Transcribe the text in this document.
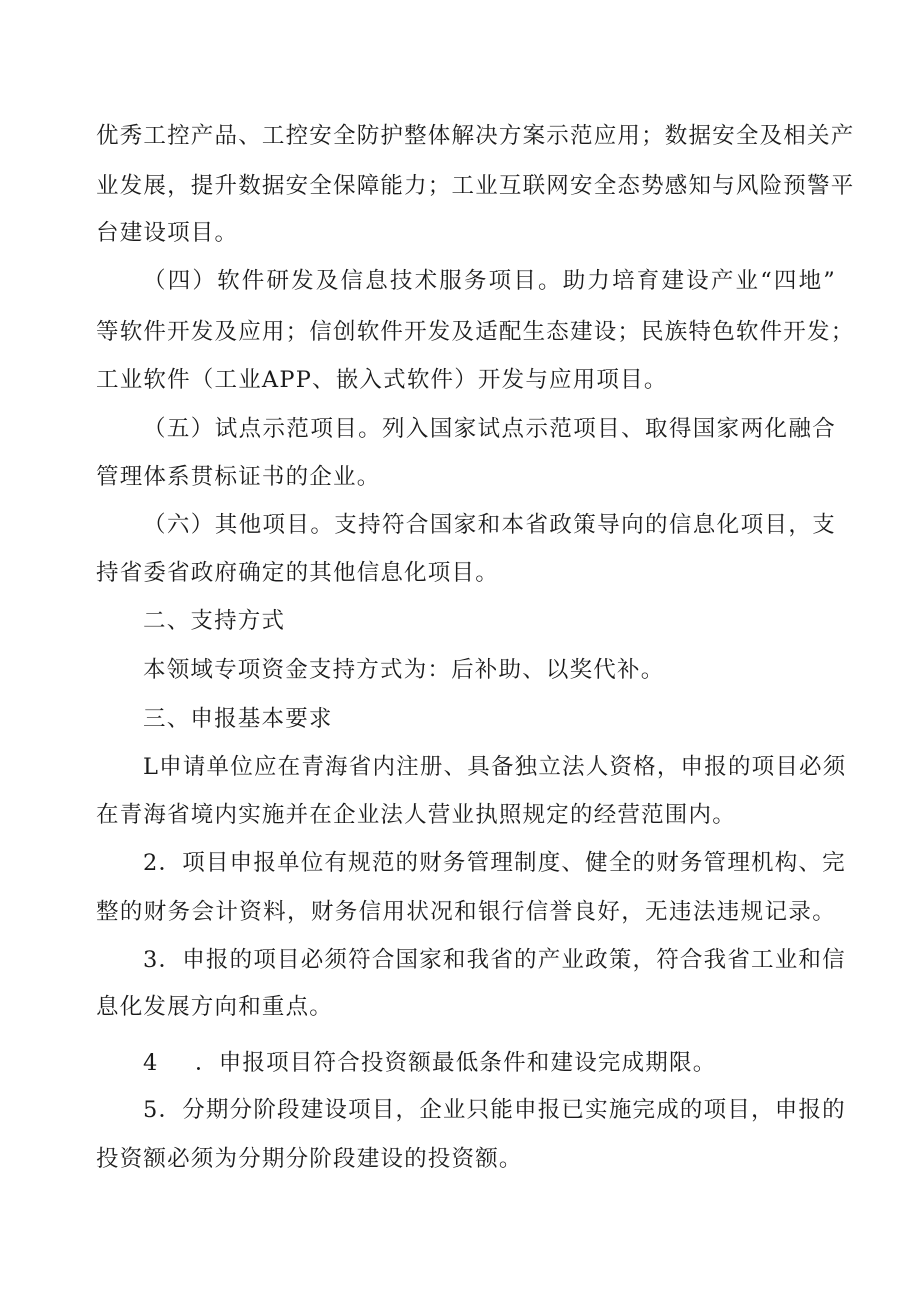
优秀工控产品、工控安全防护整体解决方案示范应用；数据安全及相关产
业发展，提升数据安全保障能力；工业互联网安全态势感知与风险预警平
台建设项目。
（四）软件研发及信息技术服务项目。助力培育建设产业“四地”
等软件开发及应用；信创软件开发及适配生态建设；民族特色软件开发；
工业软件（工业APP、嵌入式软件）开发与应用项目。
（五）试点示范项目。列入国家试点示范项目、取得国家两化融合
管理体系贯标证书的企业。
（六）其他项目。支持符合国家和本省政策导向的信息化项目，支
持省委省政府确定的其他信息化项目。
二、支持方式
本领域专项资金支持方式为：后补助、以奖代补。
三、申报基本要求
L申请单位应在青海省内注册、具备独立法人资格，申报的项目必须
在青海省境内实施并在企业法人营业执照规定的经营范围内。
2．项目申报单位有规范的财务管理制度、健全的财务管理机构、完
整的财务会计资料，财务信用状况和银行信誉良好，无违法违规记录。
3．申报的项目必须符合国家和我省的产业政策，符合我省工业和信
息化发展方向和重点。
4	．申报项目符合投资额最低条件和建设完成期限。
5．分期分阶段建设项目，企业只能申报已实施完成的项目，申报的
投资额必须为分期分阶段建设的投资额。
